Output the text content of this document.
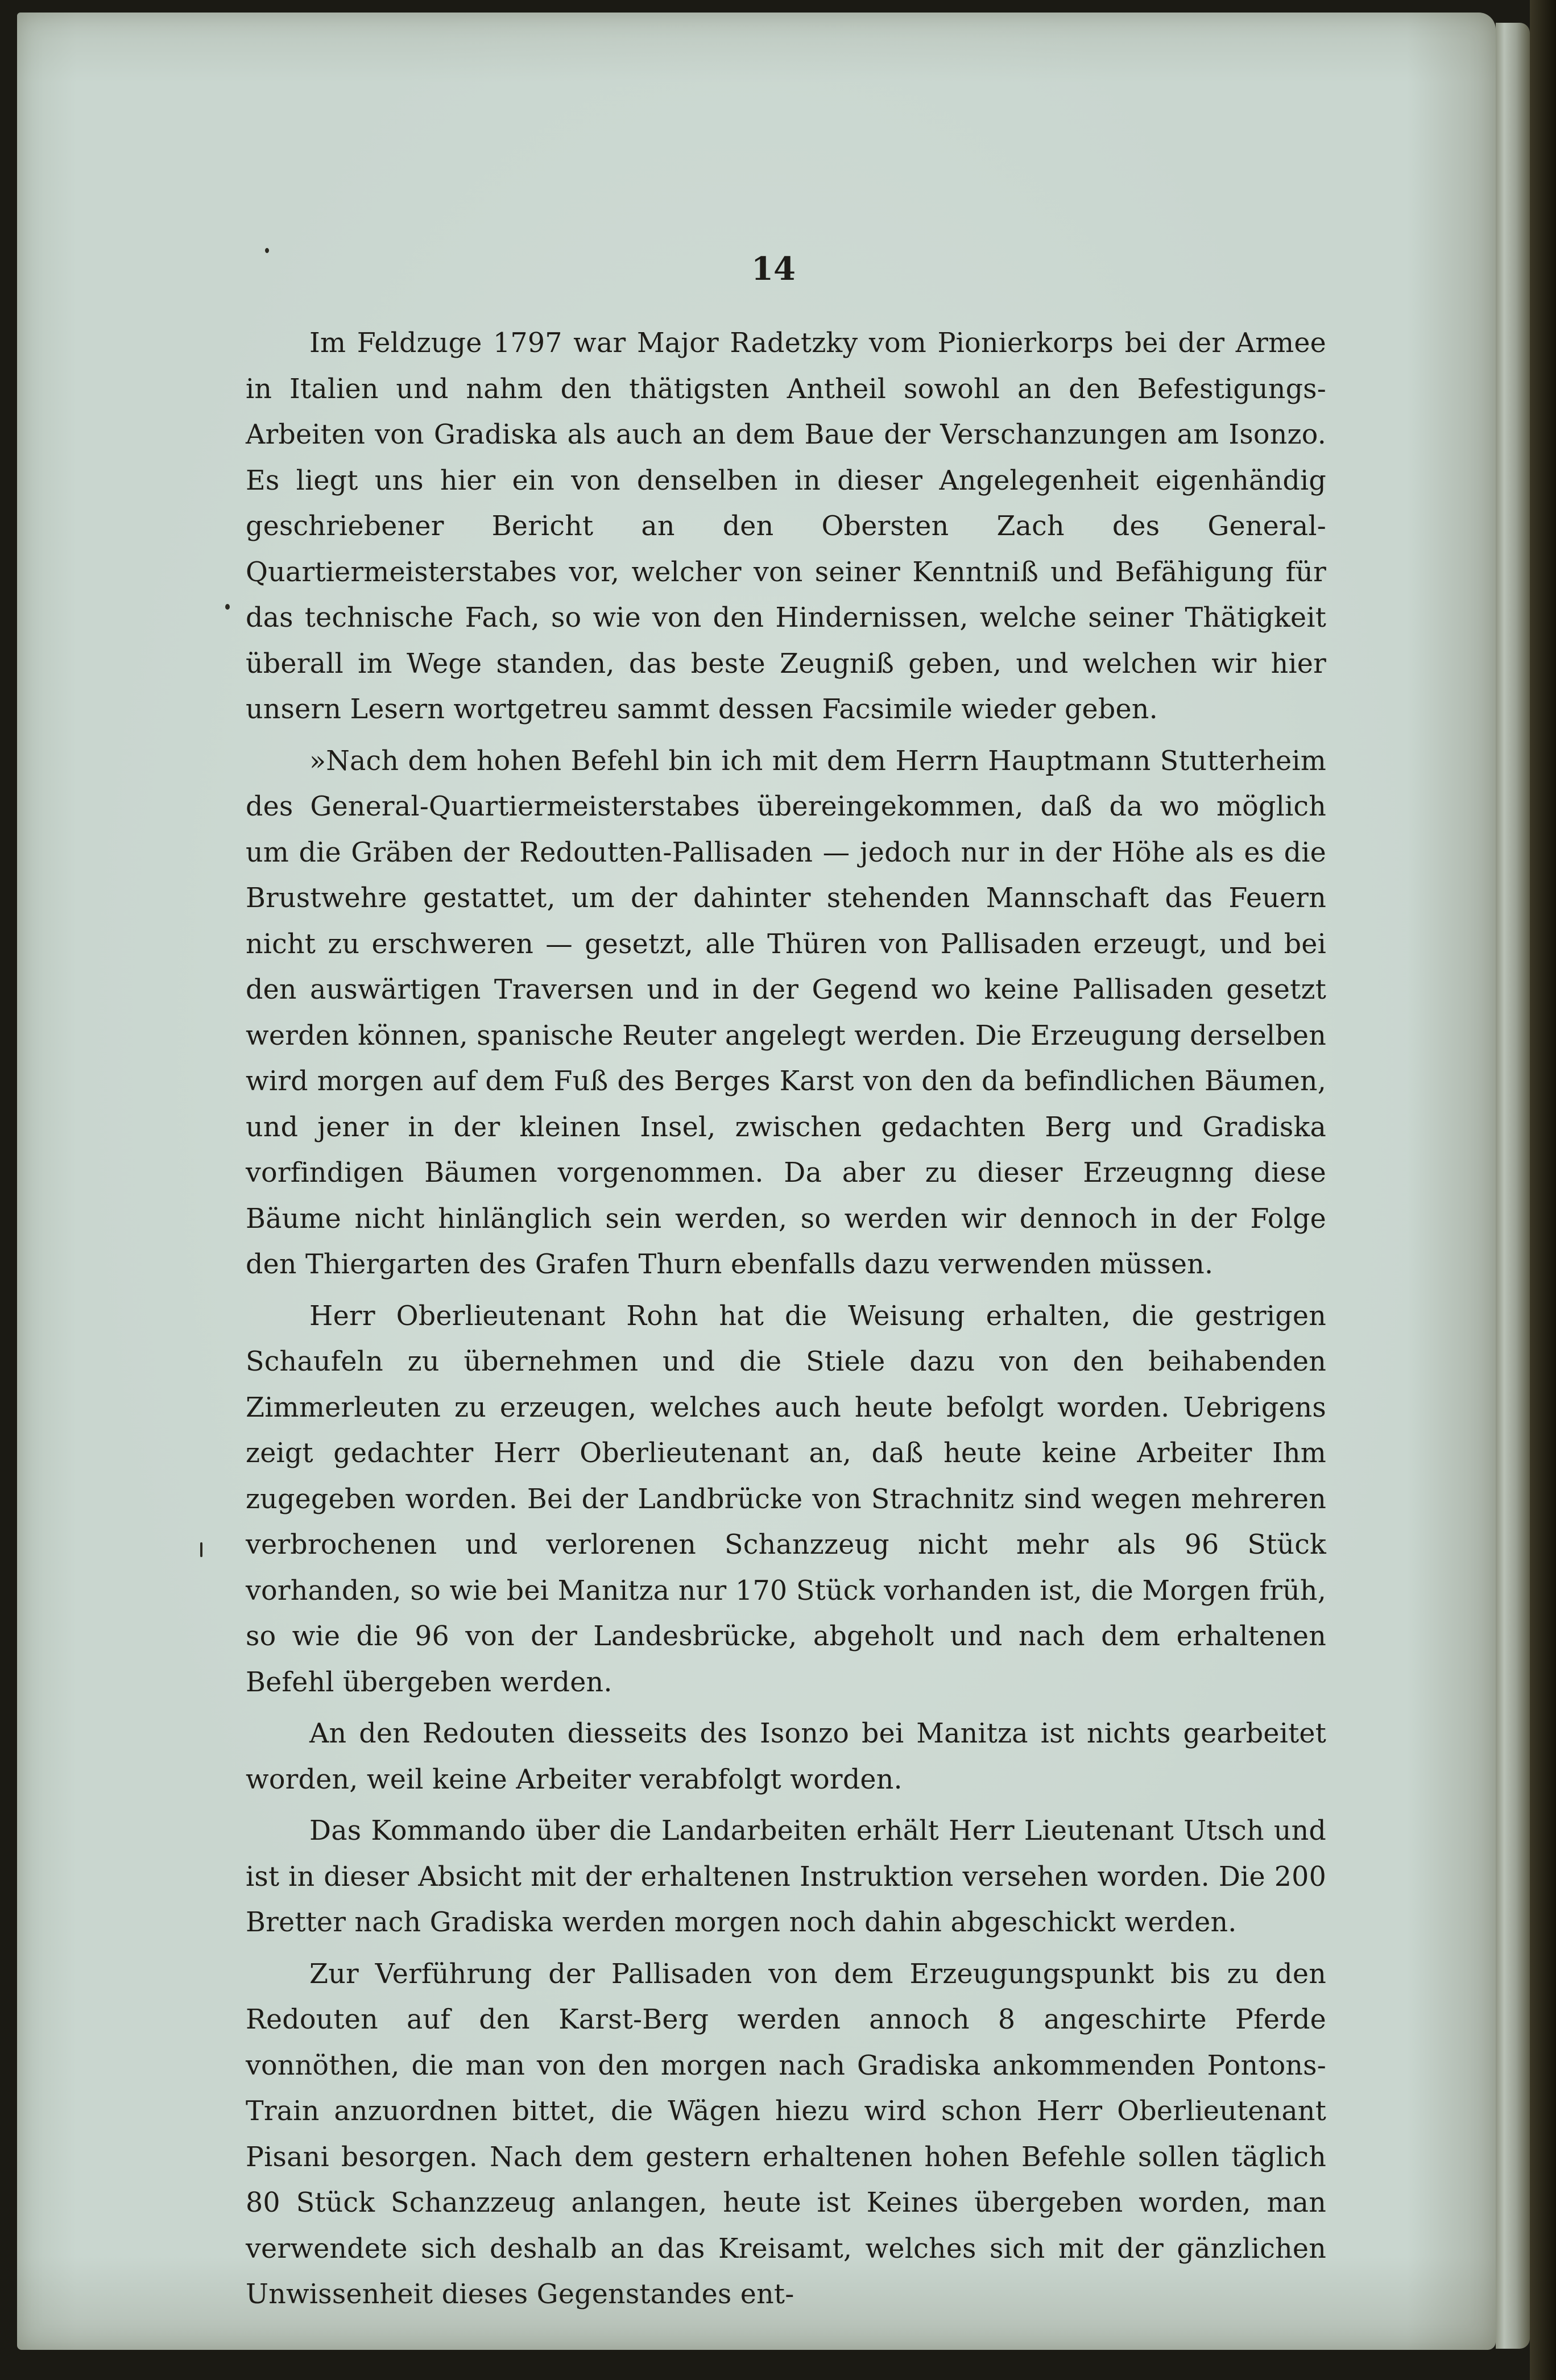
14

Im Feldzuge 1797 war Major Radetzky vom Pionierkorps bei der Armee in Italien und nahm den thätigsten Antheil sowohl an den Befestigungs-Arbeiten von Gradiska als auch an dem Baue der Verschanzungen am Isonzo. Es liegt uns hier ein von denselben in dieser Angelegenheit eigenhändig geschriebener Bericht an den Obersten Zach des General-Quartiermeisterstabes vor, welcher von seiner Kenntniß und Befähigung für das technische Fach, so wie von den Hindernissen, welche seiner Thätigkeit überall im Wege standen, das beste Zeugniß geben, und welchen wir hier unsern Lesern wortgetreu sammt dessen Facsimile wieder geben.

»Nach dem hohen Befehl bin ich mit dem Herrn Hauptmann Stutterheim des General-Quartiermeisterstabes übereingekommen, daß da wo möglich um die Gräben der Redoutten-Pallisaden — jedoch nur in der Höhe als es die Brustwehre gestattet, um der dahinter stehenden Mannschaft das Feuern nicht zu erschweren — gesetzt, alle Thüren von Pallisaden erzeugt, und bei den auswärtigen Traversen und in der Gegend wo keine Pallisaden gesetzt werden können, spanische Reuter angelegt werden. Die Erzeugung derselben wird morgen auf dem Fuß des Berges Karst von den da befindlichen Bäumen, und jener in der kleinen Insel, zwischen gedachten Berg und Gradiska vorfindigen Bäumen vorgenommen. Da aber zu dieser Erzeugnng diese Bäume nicht hinlänglich sein werden, so werden wir dennoch in der Folge den Thiergarten des Grafen Thurn ebenfalls dazu verwenden müssen.

Herr Oberlieutenant Rohn hat die Weisung erhalten, die gestrigen Schaufeln zu übernehmen und die Stiele dazu von den beihabenden Zimmerleuten zu erzeugen, welches auch heute befolgt worden. Uebrigens zeigt gedachter Herr Oberlieutenant an, daß heute keine Arbeiter Ihm zugegeben worden. Bei der Landbrücke von Strachnitz sind wegen mehreren verbrochenen und verlorenen Schanzzeug nicht mehr als 96 Stück vorhanden, so wie bei Manitza nur 170 Stück vorhanden ist, die Morgen früh, so wie die 96 von der Landesbrücke, abgeholt und nach dem erhaltenen Befehl übergeben werden.

An den Redouten diesseits des Isonzo bei Manitza ist nichts gearbeitet worden, weil keine Arbeiter verabfolgt worden.

Das Kommando über die Landarbeiten erhält Herr Lieutenant Utsch und ist in dieser Absicht mit der erhaltenen Instruktion versehen worden. Die 200 Bretter nach Gradiska werden morgen noch dahin abgeschickt werden.

Zur Verführung der Pallisaden von dem Erzeugungspunkt bis zu den Redouten auf den Karst-Berg werden annoch 8 angeschirte Pferde vonnöthen, die man von den morgen nach Gradiska ankommenden Pontons-Train anzuordnen bittet, die Wägen hiezu wird schon Herr Oberlieutenant Pisani besorgen. Nach dem gestern erhaltenen hohen Befehle sollen täglich 80 Stück Schanzzeug anlangen, heute ist Keines übergeben worden, man verwendete sich deshalb an das Kreisamt, welches sich mit der gänzlichen Unwissenheit dieses Gegenstandes ent-
